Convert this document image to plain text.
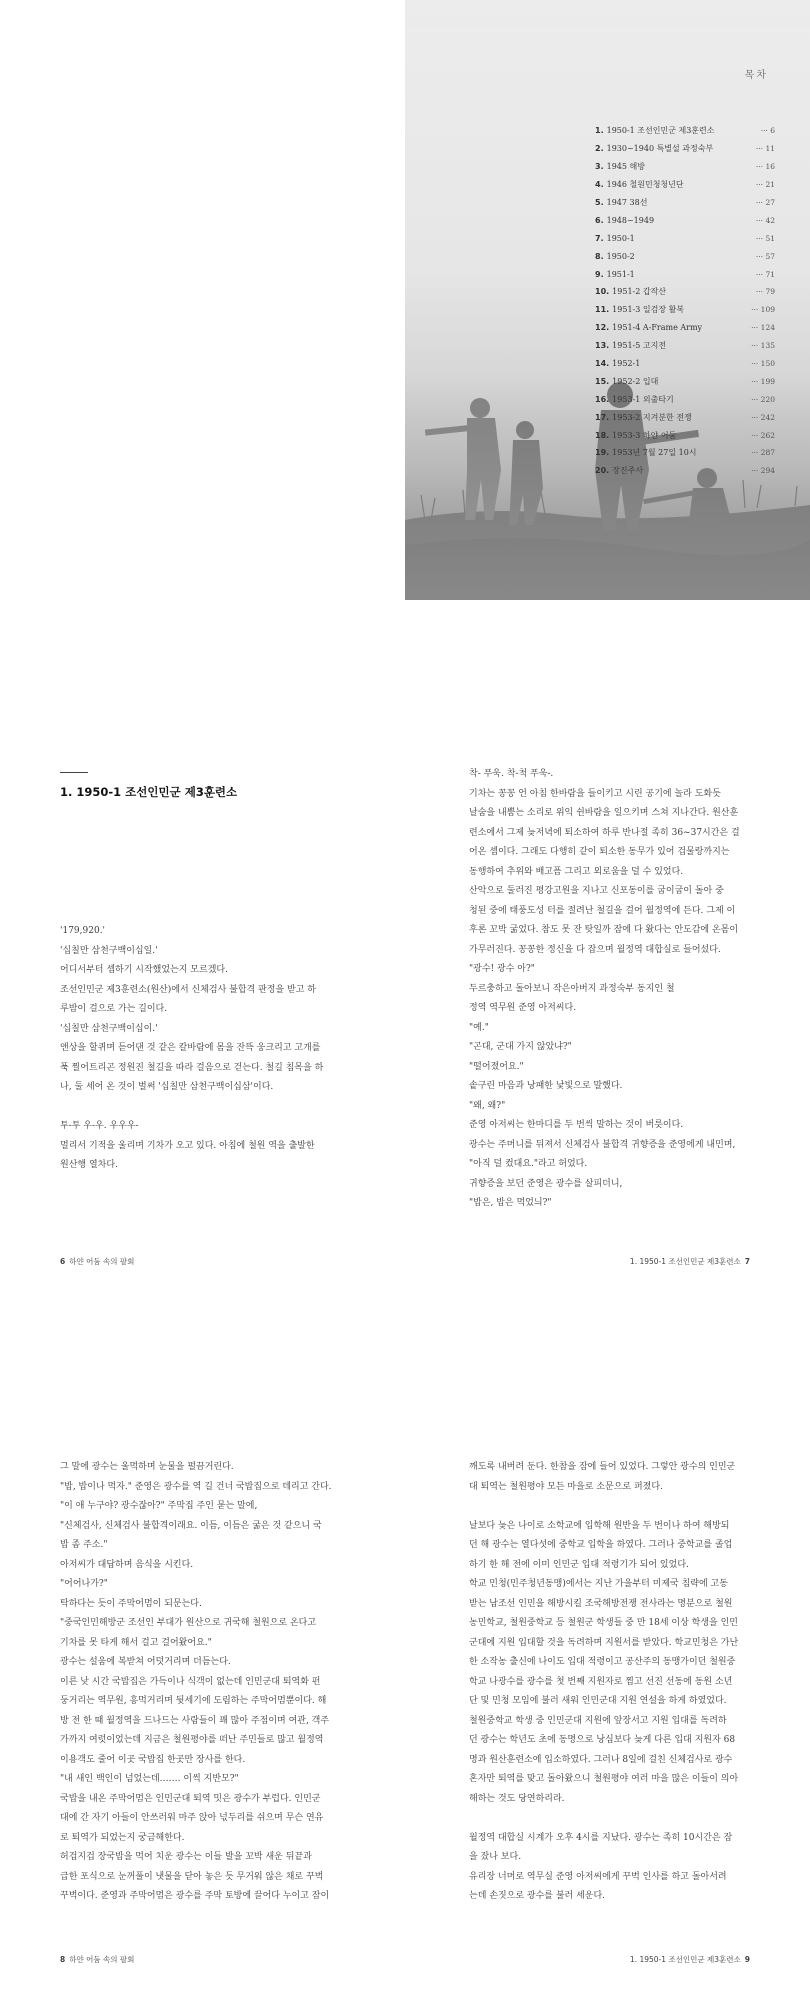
목차
1. 1950-1 조선인민군 제3훈련소	··· 6
2. 1930~1940 특별설 과정숙부	··· 11
3. 1945 해방	··· 16
4. 1946 철원민청청년단	··· 21
5. 1947 38선	··· 27
6. 1948~1949	··· 42
7. 1950-1	··· 51
8. 1950-2	··· 57
9. 1951-1	··· 71
10. 1951-2 갑작산	··· 79
11. 1951-3 일검장 활복	··· 109
12. 1951-4 A-Frame Army	··· 124
13. 1951-5 고지전	··· 135
14. 1952-1	··· 150
15. 1952-2 입대	··· 199
16. 1953-1 외출타기	··· 220
17. 1953-2 지겨분한 전쟁	··· 242
18. 1953-3 하얀 어둠	··· 262
19. 1953년 7월 27일 10시	··· 287
20. 장진주사	··· 294
1. 1950-1 조선인민군 제3훈련소

'179,920.'

'십칠만 삼천구백이십일.'

어디서부터 셈하기 시작했었는지 모르겠다.

조선인민군 제3훈련소(원산)에서 신체검사 불합격 판정을 받고 하

루밤이 걸으로 가는 길이다.

'십칠만 삼천구백이십이.'

앤상을 할퀴며 듣어댄 것 같은 칼바람에 몸을 잔뜩 웅크리고 고개를

푹 찔어트리곤 정원진 철길을 따라 걸음으로 걷는다. 철길 침목을 하

나, 둘 세어 온 것이 벌써 '십칠만 삼천구백이십삼'이다.

투-투 우-우. 우우우-

멀리서 기적을 울리며 기차가 오고 있다. 아침에 철원 역을 출발한

원산행 열차다.

6 하얀 어둠 속의 팔회

착- 푸욱. 착-척 푸욱-.

기차는 꽁꽁 언 아침 한바람을 들이키고 시린 공기에 놀라 도화듯

날숨을 내뿜는 소리로 위익 쉰바람을 일으키며 스쳐 지나간다. 원산훈

련소에서 그제 늦저녁에 퇴소하여 하루 반나절 족히 36~37시간은 걸

어온 셈이다. 그래도 다행히 같이 퇴소한 동무가 있어 겁물랑까지는

동행하여 추위와 배고픔 그리고 외로움을 덜 수 있었다.

산악으로 둘러진 평강고원을 지나고 신포동이를 굽이굽이 돌아 중

청된 중에 태풍도성 터를 절려난 철길을 걸어 월정역에 든다. 그제 이

후론 꼬박 굶었다. 참도 못 잔 탓일까 잠에 다 왔다는 안도감에 온몸이

가무러진다. 꽁꽁한 정신을 다 잡으며 월정역 대합실로 들어섰다.

"광수! 광수 아?"

두르충하고 돌아보니 작은아버지 과정숙부 동지인 철

정역 역무원 준영 아저씨다.

"예."

"곤대, 군대 가지 않았냐?"

"떨어졌어요."

솥구린 마음과 낭패한 낯빛으로 말했다.

"왜, 왜?"

준영 아저씨는 한마디를 두 번씩 말하는 것이 버릇이다.

광수는 주머니를 뒤져서 신체검사 불합격 귀향증을 준영에게 내민며,

"아직 덜 컸대요."라고 허었다.

귀향증을 보던 준영은 광수를 살피더니,

"밥은, 밥은 먹었늬?"

1. 1950-1 조선인민군 제3훈련소 7

그 말에 광수는 울먹하며 눈물을 펄끔거린다.

"밥, 밥이나 먹자." 준영은 광수를 역 길 건너 국밥집으로 데리고 간다.

"이 애 누구야? 광수잖아?" 주막집 주인 묻는 말에,

"신체검사, 신체검사 불합격이래요. 이듬, 이듬은 굶은 것 같으니 국

밥 좀 주소."

아저씨가 대답하며 음식을 시킨다.

"어어나가?"

탁하다는 듯이 주막어멈이 되문는다.

"중국인민해방군 조선인 부대가 원산으로 귀국해 철원으로 온다고

기차를 못 타게 해서 걸고 걸어왔어요."

광수는 설움에 복받쳐 어덧거리며 더듬는다.

이른 낮 시간 국밥집은 가득이나 식객이 없는데 인민군대 퇴역화 펀

둥거리는 역무원, 흥먹거리며 뒷세기에 도림하는 주막어멈뿐이다. 해

방 전 한 때 월정역을 드나드는 사람들이 꽤 많아 주점이며 여관, 객주

가까지 여럿이었는데 지금은 철원평야를 떠난 주민들로 많고 월정역

이용객도 줄어 이곳 국밥집 한곳만 장사를 한다.

"내 새인 백인이 넘었는데……. 이씩 지반모?"

국밥을 내온 주막어멈은 인민군대 퇴역 밋은 광수가 부럽다. 인민군

대에 간 자기 아들이 안쓰러워 마주 앉아 넋두리를 쉬으며 무슨 연유

로 퇴역가 되었는지 궁금해한다.

허겁지겁 장국밥을 먹어 치운 광수는 이들 발을 꼬박 새운 뒤끝과

급한 포식으로 눈꺼풀이 냇물을 닫아 놓은 듯 무거워 않은 채로 꾸벅

꾸벅이다. 준영과 주막어멈은 광수를 주막 토방에 끌어다 누이고 잠이

8 하얀 어둠 속의 팔회

깨도록 내버려 둔다. 한참을 잠에 들어 있었다. 그렇안 광수의 인민군

대 퇴역는 철원평야 모든 마을로 소문으로 퍼졌다.

날보다 늦은 나이로 소학교에 입학해 원반을 두 번이나 하여 해방되

던 해 광수는 열다섯에 중학교 입학을 하였다. 그러나 중학교를 졸업

하기 한 해 전에 이미 인민군 입대 적령기가 되어 있었다.

학교 민청(민주청년동맹)에서는 지난 가을부터 미제국 침략에 고동

받는 남조선 인민을 해방시킬 조국해방전쟁 전사라는 명분으로 철원

농민학교, 철원중학교 등 철원군 학생들 중 만 18세 이상 학생을 인민

군대에 지원 입대할 것을 독려하며 지원서를 받았다. 학교민청은 가난

한 소작농 출신에 나이도 입대 적령이고 공산주의 동맹가이던 철원중

학교 나광수를 광수를 첫 번째 지원자로 찜고 선진 선동에 동원 소년

단 및 민청 모임에 불러 새워 인민군대 지원 연설을 하게 하였었다.

철원중학교 학생 중 인민군대 지원에 앞장서고 지원 입대를 독려하

던 광수는 학년도 초에 동명으로 낭심보다 늦게 다른 입대 지원자 68

명과 원산훈련소에 입소하였다. 그러나 8일에 걸친 신체검사로 광수

혼자만 퇴역를 맞고 돌아왔으니 철원평야 여러 마을 많은 이들이 의아

해하는 것도 당연하리라.

월정역 대합실 시계가 오후 4시를 지났다. 광수는 족히 10시간은 잠

을 잤나 보다.

유리장 너머로 역무실 준영 아저씨에게 꾸벅 인사를 하고 돌아서려

는데 손짓으로 광수를 불러 세운다.

1. 1950-1 조선인민군 제3훈련소 9
